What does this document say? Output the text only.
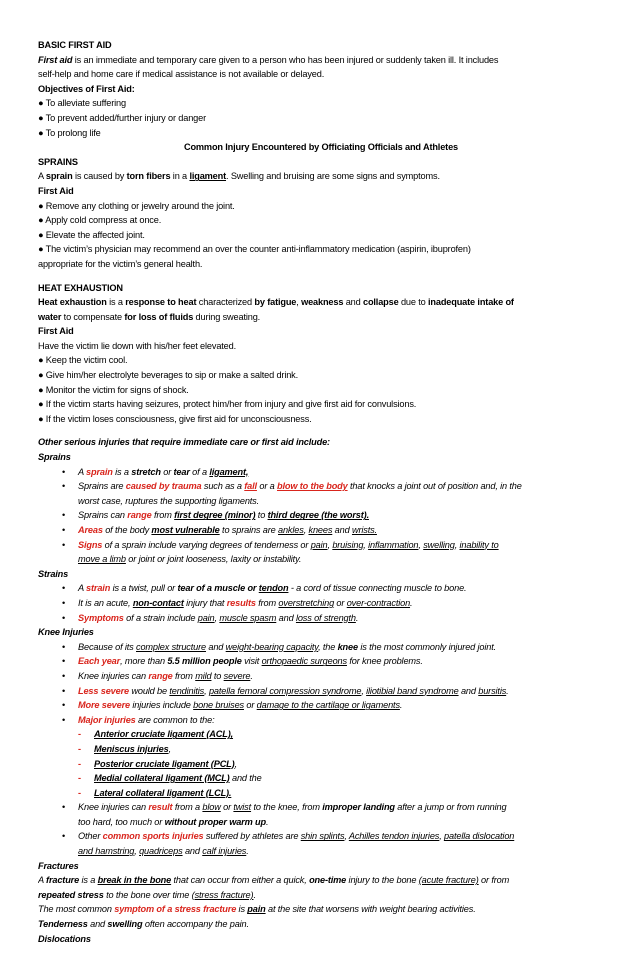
BASIC FIRST AID
First aid is an immediate and temporary care given to a person who has been injured or suddenly taken ill. It includes
self-help and home care if medical assistance is not available or delayed.
Objectives of First Aid:
● To alleviate suffering
● To prevent added/further injury or danger
● To prolong life
Common Injury Encountered by Officiating Officials and Athletes
SPRAINS
A sprain is caused by torn fibers in a ligament. Swelling and bruising are some signs and symptoms.
First Aid
● Remove any clothing or jewelry around the joint.
● Apply cold compress at once.
● Elevate the affected joint.
● The victim’s physician may recommend an over the counter anti-inflammatory medication (aspirin, ibuprofen)
appropriate for the victim’s general health.
HEAT EXHAUSTION
Heat exhaustion is a response to heat characterized by fatigue, weakness and collapse due to inadequate intake of
water to compensate for loss of fluids during sweating.
First Aid
Have the victim lie down with his/her feet elevated.
● Keep the victim cool.
● Give him/her electrolyte beverages to sip or make a salted drink.
● Monitor the victim for signs of shock.
● If the victim starts having seizures, protect him/her from injury and give first aid for convulsions.
● If the victim loses consciousness, give first aid for unconsciousness.
Other serious injuries that require immediate care or first aid include:
Sprains
• A sprain is a stretch or tear of a ligament,
• Sprains are caused by trauma such as a fall or a blow to the body that knocks a joint out of position and, in the
worst case, ruptures the supporting ligaments.
• Sprains can range from first degree (minor) to third degree (the worst).
• Areas of the body most vulnerable to sprains are ankles, knees and wrists.
• Signs of a sprain include varying degrees of tenderness or pain, bruising, inflammation, swelling, inability to
move a limb or joint or joint looseness, laxity or instability.
Strains
• A strain is a twist, pull or tear of a muscle or tendon - a cord of tissue connecting muscle to bone.
• It is an acute, non-contact injury that results from overstretching or over-contraction.
• Symptoms of a strain include pain, muscle spasm and loss of strength.
Knee Injuries
• Because of its complex structure and weight-bearing capacity, the knee is the most commonly injured joint.
• Each year, more than 5.5 million people visit orthopaedic surgeons for knee problems.
• Knee injuries can range from mild to severe.
• Less severe would be tendinitis, patella femoral compression syndrome, iliotibial band syndrome and bursitis.
• More severe injuries include bone bruises or damage to the cartilage or ligaments.
• Major injuries are common to the:
- Anterior cruciate ligament (ACL),
- Meniscus injuries,
- Posterior cruciate ligament (PCL),
- Medial collateral ligament (MCL) and the
- Lateral collateral ligament (LCL).
• Knee injuries can result from a blow or twist to the knee, from improper landing after a jump or from running
too hard, too much or without proper warm up.
• Other common sports injuries suffered by athletes are shin splints, Achilles tendon injuries, patella dislocation
and hamstring, quadriceps and calf injuries.
Fractures
A fracture is a break in the bone that can occur from either a quick, one-time injury to the bone (acute fracture) or from
repeated stress to the bone over time (stress fracture).
The most common symptom of a stress fracture is pain at the site that worsens with weight bearing activities.
Tenderness and swelling often accompany the pain.
Dislocations
